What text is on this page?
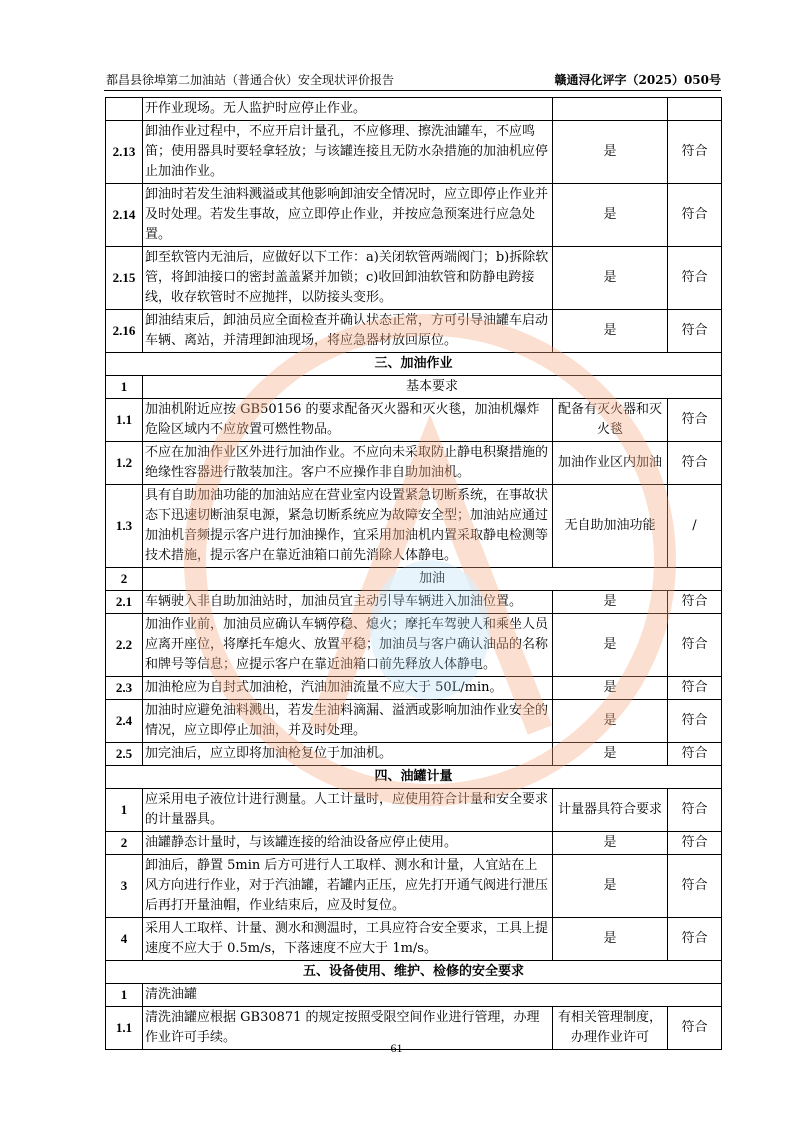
都昌县徐埠第二加油站（普通合伙）安全现状评价报告	赣通浔化评字（2025）050号
	开作业现场。无人监护时应停止作业。		
2.13	卸油作业过程中，不应开启计量孔，不应修理、擦洗油罐车，不应鸣笛；使用器具时要轻拿轻放；与该罐连接且无防水杂措施的加油机应停止加油作业。	是	符合
2.14	卸油时若发生油料溅溢或其他影响卸油安全情况时，应立即停止作业并及时处理。若发生事故，应立即停止作业，并按应急预案进行应急处置。	是	符合
2.15	卸至软管内无油后，应做好以下工作：a)关闭软管两端阀门；b)拆除软管，将卸油接口的密封盖盖紧并加锁；c)收回卸油软管和防静电跨接线，收存软管时不应抛拌，以防接头变形。	是	符合
2.16	卸油结束后，卸油员应全面检查并确认状态正常，方可引导油罐车启动车辆、离站，并清理卸油现场，将应急器材放回原位。	是	符合
三、加油作业			
1	基本要求		
1.1	加油机附近应按 GB50156 的要求配备灭火器和灭火毯，加油机爆炸危险区域内不应放置可燃性物品。	配备有灭火器和灭火毯	符合
1.2	不应在加油作业区外进行加油作业。不应向未采取防止静电积聚措施的绝缘性容器进行散装加注。客户不应操作非自助加油机。	加油作业区内加油	符合
1.3	具有自助加油功能的加油站应在营业室内设置紧急切断系统，在事故状态下迅速切断油泵电源，紧急切断系统应为故障安全型；加油站应通过加油机音频提示客户进行加油操作，宜采用加油机内置采取静电检测等技术措施，提示客户在靠近油箱口前先消除人体静电。	无自助加油功能	/
2	加油		
2.1	车辆驶入非自助加油站时，加油员宜主动引导车辆进入加油位置。	是	符合
2.2	加油作业前，加油员应确认车辆停稳、熄火；摩托车驾驶人和乘坐人员应离开座位，将摩托车熄火、放置平稳；加油员与客户确认油品的名称和牌号等信息；应提示客户在靠近油箱口前先释放人体静电。	是	符合
2.3	加油枪应为自封式加油枪，汽油加油流量不应大于 50L/min。	是	符合
2.4	加油时应避免油料溅出，若发生油料滴漏、溢洒或影响加油作业安全的情况，应立即停止加油，并及时处理。	是	符合
2.5	加完油后，应立即将加油枪复位于加油机。	是	符合
四、油罐计量			
1	应采用电子液位计进行测量。人工计量时，应使用符合计量和安全要求的计量器具。	计量器具符合要求	符合
2	油罐静态计量时，与该罐连接的给油设备应停止使用。	是	符合
3	卸油后，静置 5min 后方可进行人工取样、测水和计量，人宜站在上风方向进行作业，对于汽油罐，若罐内正压，应先打开通气阀进行泄压后再打开量油帽，作业结束后，应及时复位。	是	符合
4	采用人工取样、计量、测水和测温时，工具应符合安全要求，工具上提速度不应大于 0.5m/s，下落速度不应大于 1m/s。	是	符合
五、设备使用、维护、检修的安全要求			
1	清洗油罐		
1.1	清洗油罐应根据 GB30871 的规定按照受限空间作业进行管理，办理作业许可手续。	有相关管理制度，办理作业许可	符合
61
